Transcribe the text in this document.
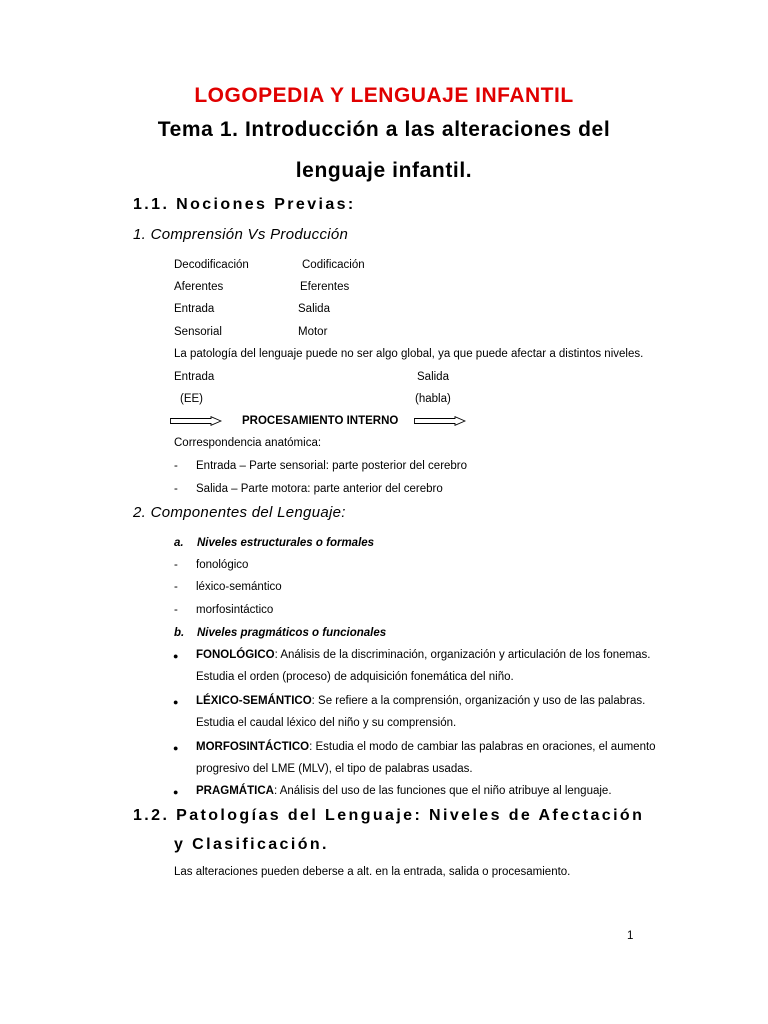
LOGOPEDIA Y LENGUAJE INFANTIL
Tema 1. Introducción a las alteraciones del
lenguaje infantil.
1.1. Nociones Previas:
1. Comprensión Vs Producción
Decodificación	Codificación
Aferentes	Eferentes
Entrada	Salida
Sensorial	Motor
La patología del lenguaje puede no ser algo global, ya que puede afectar a distintos niveles.
Entrada	Salida
(EE)	(habla)
PROCESAMIENTO INTERNO
Correspondencia anatómica:
- Entrada – Parte sensorial: parte posterior del cerebro
- Salida – Parte motora: parte anterior del cerebro
2. Componentes del Lenguaje:
a. Niveles estructurales o formales
- fonológico
- léxico-semántico
- morfosintáctico
b. Niveles pragmáticos o funcionales
● FONOLÓGICO: Análisis de la discriminación, organización y articulación de los fonemas.
Estudia el orden (proceso) de adquisición fonemática del niño.
● LÉXICO-SEMÁNTICO: Se refiere a la comprensión, organización y uso de las palabras.
Estudia el caudal léxico del niño y su comprensión.
● MORFOSINTÁCTICO: Estudia el modo de cambiar las palabras en oraciones, el aumento
progresivo del LME (MLV), el tipo de palabras usadas.
● PRAGMÁTICA: Análisis del uso de las funciones que el niño atribuye al lenguaje.
1.2. Patologías del Lenguaje: Niveles de Afectación
y Clasificación.
Las alteraciones pueden deberse a alt. en la entrada, salida o procesamiento.
1
